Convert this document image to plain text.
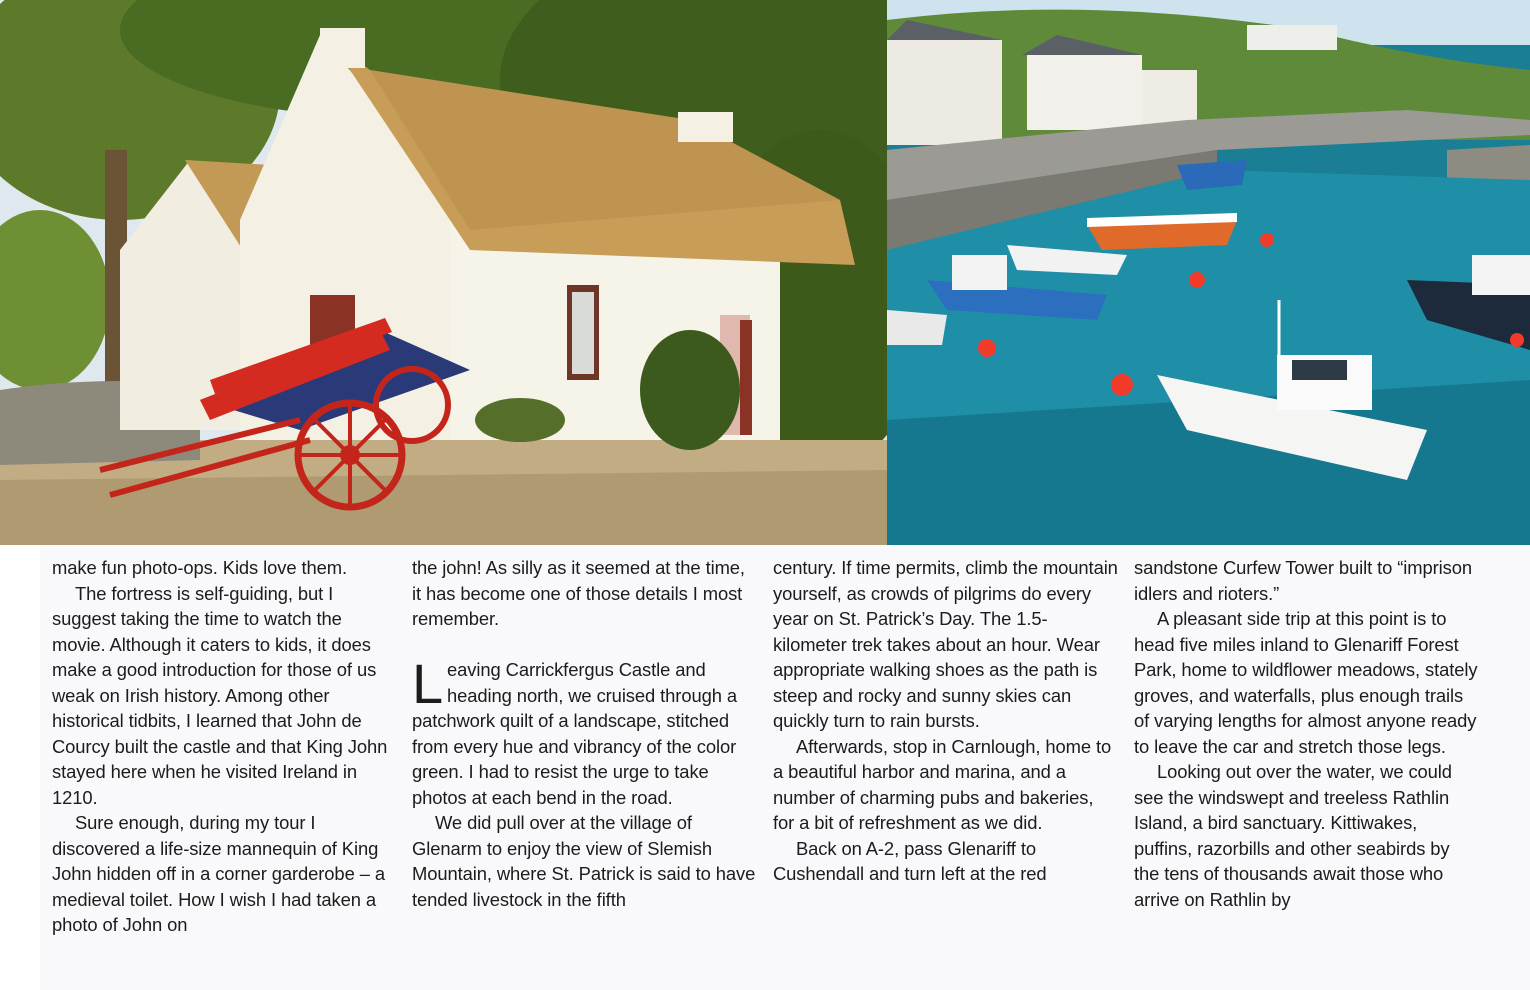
make fun photo-ops. Kids love them.

The fortress is self-guiding, but I suggest taking the time to watch the movie. Although it caters to kids, it does make a good introduction for those of us weak on Irish history. Among other historical tidbits, I learned that John de Courcy built the castle and that King John stayed here when he visited Ireland in 1210.

Sure enough, during my tour I discovered a life-size mannequin of King John hidden off in a corner garderobe – a medieval toilet. How I wish I had taken a photo of John on

the john! As silly as it seemed at the time, it has become one of those details I most remember.

Leaving Carrickfergus Castle and heading north, we cruised through a patchwork quilt of a landscape, stitched from every hue and vibrancy of the color green. I had to resist the urge to take photos at each bend in the road.

We did pull over at the village of Glenarm to enjoy the view of Slemish Mountain, where St. Patrick is said to have tended livestock in the fifth

century. If time permits, climb the mountain yourself, as crowds of pilgrims do every year on St. Patrick’s Day. The 1.5-kilometer trek takes about an hour. Wear appropriate walking shoes as the path is steep and rocky and sunny skies can quickly turn to rain bursts.

Afterwards, stop in Carnlough, home to a beautiful harbor and marina, and a number of charming pubs and bakeries, for a bit of refreshment as we did.

Back on A-2, pass Glenariff to Cushendall and turn left at the red

sandstone Curfew Tower built to “imprison idlers and rioters.”

A pleasant side trip at this point is to head five miles inland to Glenariff Forest Park, home to wildflower meadows, stately groves, and waterfalls, plus enough trails of varying lengths for almost anyone ready to leave the car and stretch those legs.

Looking out over the water, we could see the windswept and treeless Rathlin Island, a bird sanctuary. Kittiwakes, puffins, razorbills and other seabirds by the tens of thousands await those who arrive on Rathlin by
